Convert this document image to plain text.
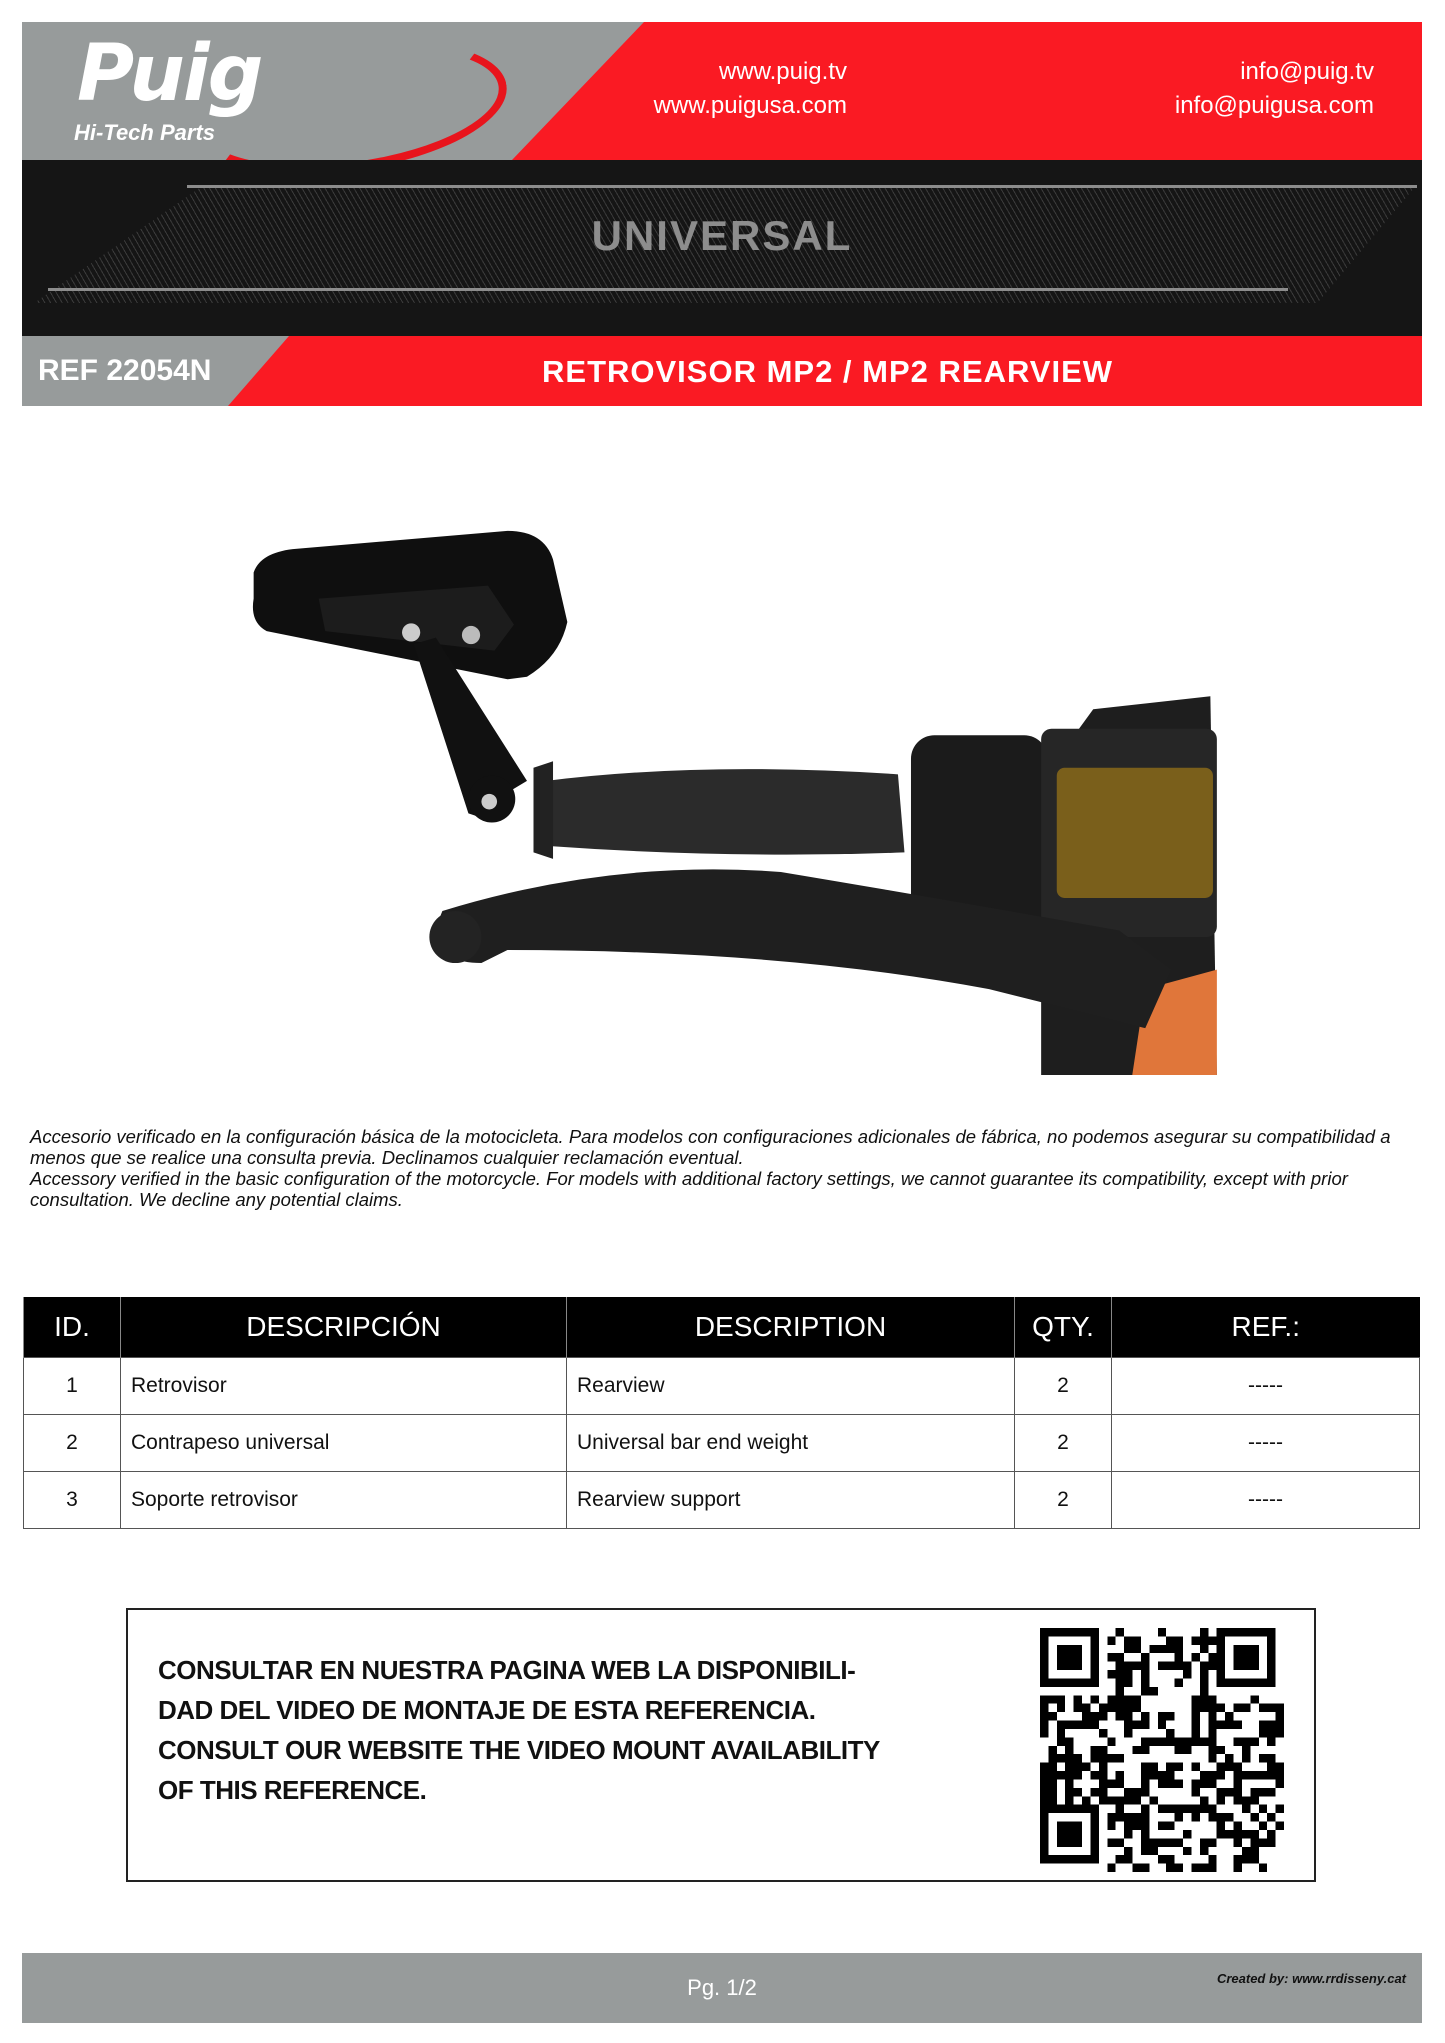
Puig
Hi-Tech Parts
www.puig.tv
www.puigusa.com
info@puig.tv
info@puigusa.com
UNIVERSAL
REF 22054N	RETROVISOR MP2 / MP2 REARVIEW
Accesorio verificado en la configuración básica de la motocicleta. Para modelos con configuraciones adicionales de fábrica, no podemos asegurar su compatibilidad a menos que se realice una consulta previa. Declinamos cualquier reclamación eventual.
Accessory verified in the basic configuration of the motorcycle. For models with additional factory settings, we cannot guarantee its compatibility, except with prior consultation. We decline any potential claims.
ID.	DESCRIPCIÓN	DESCRIPTION	QTY.	REF.:
1	Retrovisor	Rearview	2	-----
2	Contrapeso universal	Universal bar end weight	2	-----
3	Soporte retrovisor	Rearview support	2	-----
CONSULTAR EN NUESTRA PAGINA WEB LA DISPONIBILI-
DAD DEL VIDEO DE MONTAJE DE ESTA REFERENCIA.
CONSULT OUR WEBSITE THE VIDEO MOUNT AVAILABILITY
OF THIS REFERENCE.
Pg. 1/2	Created by: www.rrdisseny.cat
